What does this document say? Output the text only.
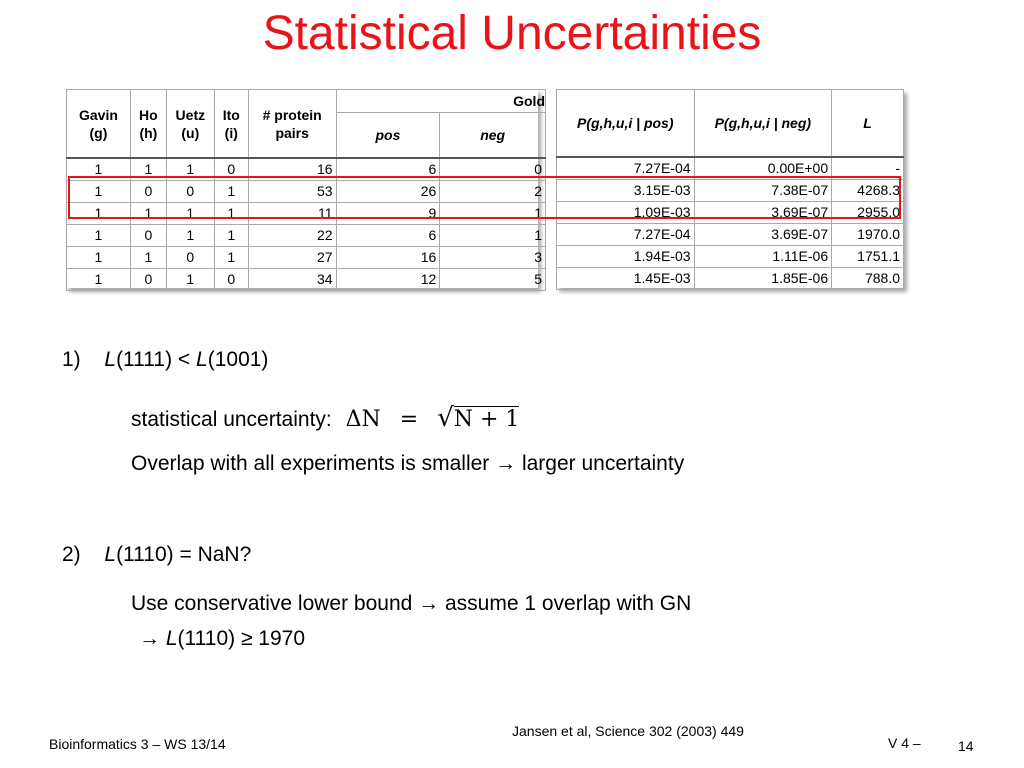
Statistical Uncertainties
Gavin (g)	Ho (h)	Uetz (u)	Ito (i)	# protein pairs	Gold	
					pos	neg
1	1	1	0	16	6	0
1	0	0	1	53	26	2
1	1	1	1	11	9	1
1	0	1	1	22	6	1
1	1	0	1	27	16	3
1	0	1	0	34	12	5
P(g,h,u,i | pos)	P(g,h,u,i | neg)	L
7.27E-04	0.00E+00	-
3.15E-03	7.38E-07	4268.3
1.09E-03	3.69E-07	2955.0
7.27E-04	3.69E-07	1970.0
1.94E-03	1.11E-06	1751.1
1.45E-03	1.85E-06	788.0
1) L(1111) < L(1001)
statistical uncertainty: ΔN = √N + 1
Overlap with all experiments is smaller → larger uncertainty
2) L(1110) = NaN?
Use conservative lower bound → assume 1 overlap with GN
→ L(1110) ≥ 1970
Jansen et al, Science 302 (2003) 449
Bioinformatics 3 – WS 13/14	V 4 –	14
